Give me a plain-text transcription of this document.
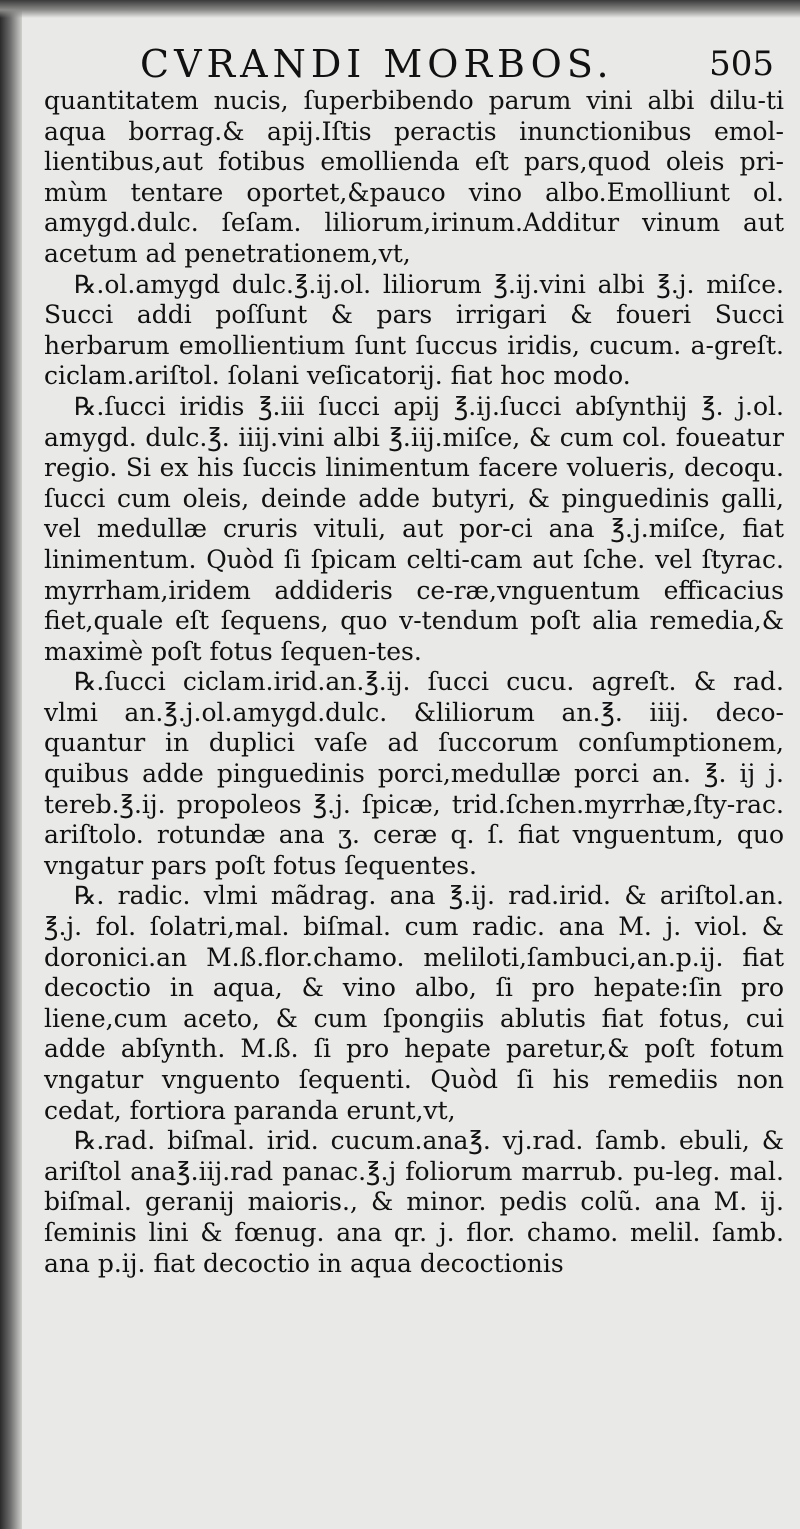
CVRANDI MORBOS.	505

quantitatem nucis, ſuperbibendo parum vini albi dilu-ti aqua borrag.& apij.Iſtis peractis inunctionibus emol-lientibus,aut fotibus emollienda eſt pars,quod oleis pri-mùm tentare oportet,&pauco vino albo.Emolliunt ol. amygd.dulc. ſeſam. liliorum,irinum.Additur vinum aut acetum ad penetrationem,vt,

℞.ol.amygd dulc.℥.ij.ol. liliorum ℥.ij.vini albi ℥.j. miſce. Succi addi poſſunt & pars irrigari & foueri Succi herbarum emollientium ſunt ſuccus iridis, cucum. a-greſt. ciclam.ariſtol. ſolani veſicatorij. fiat hoc modo.

℞.ſucci iridis ℥.iii ſucci apij ℥.ij.ſucci abſynthij ℥. j.ol. amygd. dulc.℥. iiij.vini albi ℥.iij.miſce, & cum col. foueatur regio. Si ex his ſuccis linimentum facere volueris, decoqu. ſucci cum oleis, deinde adde butyri, & pinguedinis galli, vel medullæ cruris vituli, aut por-ci ana ℥.j.miſce, fiat linimentum. Quòd ſi ſpicam celti-cam aut ſche. vel ſtyrac. myrrham,iridem addideris ce-ræ,vnguentum efficacius fiet,quale eſt ſequens, quo v-tendum poſt alia remedia,& maximè poſt fotus ſequen-tes.

℞.ſucci ciclam.irid.an.℥.ij. ſucci cucu. agreſt. & rad. vlmi an.℥.j.ol.amygd.dulc. &liliorum an.℥. iiij. deco-quantur in duplici vaſe ad ſuccorum conſumptionem, quibus adde pinguedinis porci,medullæ porci an. ℥. ij j. tereb.℥.ij. propoleos ℥.j. ſpicæ, trid.ſchen.myrrhæ,ſty-rac. ariſtolo. rotundæ ana ʒ. ceræ q. ſ. fiat vnguentum, quo vngatur pars poſt fotus ſequentes.

℞. radic. vlmi mãdrag. ana ℥.ij. rad.irid. & ariſtol.an. ℥.j. fol. ſolatri,mal. biſmal. cum radic. ana M. j. viol. & doronici.an M.ß.flor.chamo. meliloti,ſambuci,an.p.ij. fiat decoctio in aqua, & vino albo, ſi pro hepate:ſin pro liene,cum aceto, & cum ſpongiis ablutis fiat fotus, cui adde abſynth. M.ß. ſi pro hepate paretur,& poſt fotum vngatur vnguento ſequenti. Quòd ſi his remediis non cedat, fortiora paranda erunt,vt,

℞.rad. biſmal. irid. cucum.ana℥. vj.rad. ſamb. ebuli, & ariſtol ana℥.iij.rad panac.℥.j foliorum marrub. pu-leg. mal. biſmal. geranij maioris., & minor. pedis colũ. ana M. ij. ſeminis lini & fœnug. ana qr. j. flor. chamo. melil. ſamb. ana p.ij. fiat decoctio in aqua decoctionis
